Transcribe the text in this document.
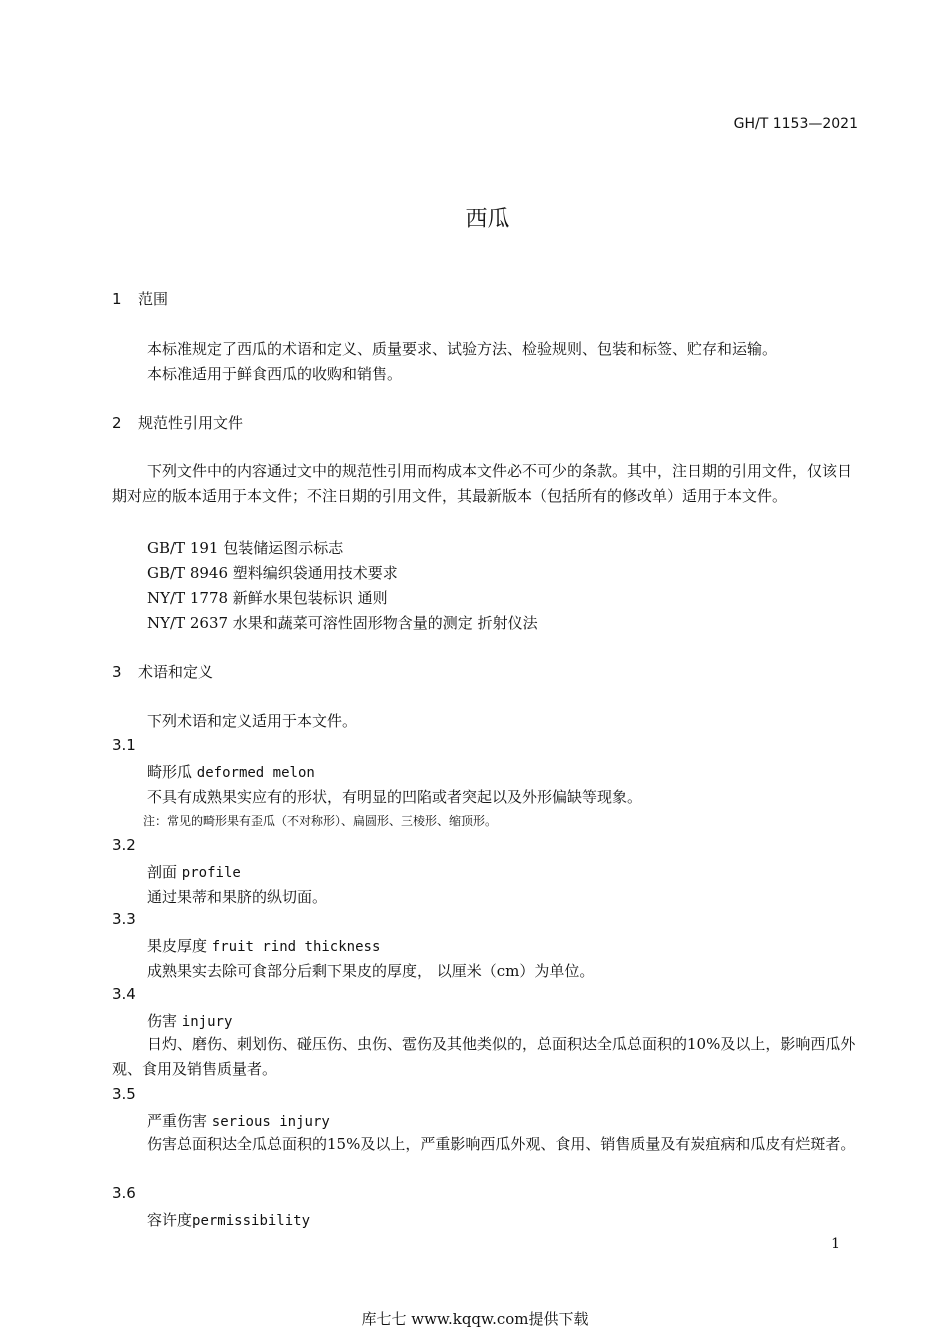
GH/T 1153—2021
西瓜
1 范围
本标准规定了西瓜的术语和定义、质量要求、试验方法、检验规则、包装和标签、贮存和运输。
本标准适用于鲜食西瓜的收购和销售。
2 规范性引用文件
下列文件中的内容通过文中的规范性引用而构成本文件必不可少的条款。其中，注日期的引用文件，仅该日期对应的版本适用于本文件；不注日期的引用文件，其最新版本（包括所有的修改单）适用于本文件。
GB/T 191 包装储运图示标志
GB/T 8946 塑料编织袋通用技术要求
NY/T 1778 新鲜水果包装标识 通则
NY/T 2637 水果和蔬菜可溶性固形物含量的测定 折射仪法
3 术语和定义
下列术语和定义适用于本文件。
3.1
畸形瓜 deformed melon
不具有成熟果实应有的形状，有明显的凹陷或者突起以及外形偏缺等现象。
注：常见的畸形果有歪瓜（不对称形）、扁圆形、三棱形、缩顶形。
3.2
剖面 profile
通过果蒂和果脐的纵切面。
3.3
果皮厚度 fruit rind thickness
成熟果实去除可食部分后剩下果皮的厚度， 以厘米（cm）为单位。
3.4
伤害 injury
日灼、磨伤、刺划伤、碰压伤、虫伤、雹伤及其他类似的，总面积达全瓜总面积的10%及以上，影响西瓜外观、食用及销售质量者。
3.5
严重伤害 serious injury
伤害总面积达全瓜总面积的15%及以上，严重影响西瓜外观、食用、销售质量及有炭疽病和瓜皮有烂斑者。
3.6
容许度permissibility
1
库七七 www.kqqw.com提供下载
